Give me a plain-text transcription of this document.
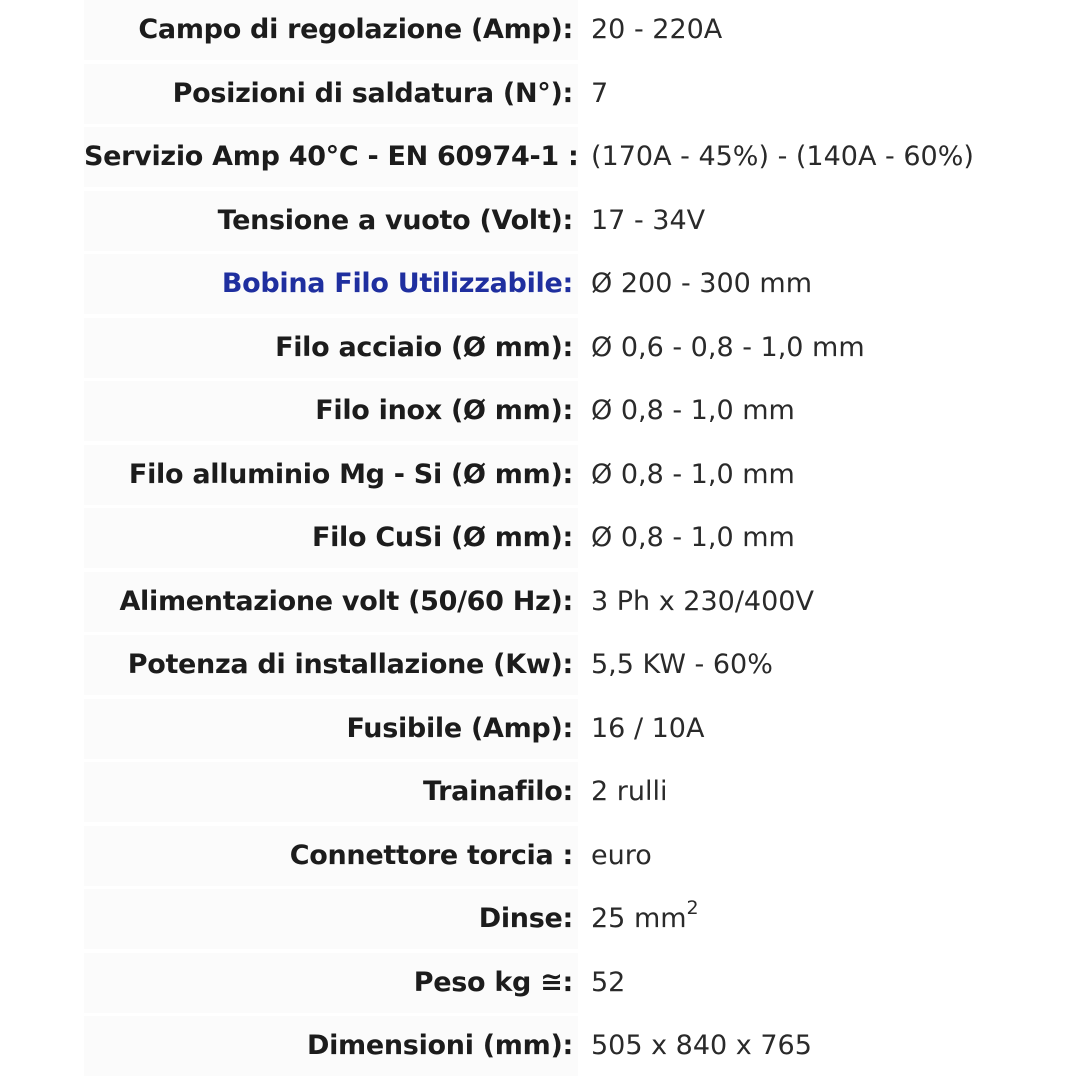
Campo di regolazione (Amp): 20 - 220A
Posizioni di saldatura (N°): 7
Servizio Amp 40°C - EN 60974-1 : (170A - 45%) - (140A - 60%)
Tensione a vuoto (Volt): 17 - 34V
Bobina Filo Utilizzabile: Ø 200 - 300 mm
Filo acciaio (Ø mm): Ø 0,6 - 0,8 - 1,0 mm
Filo inox (Ø mm): Ø 0,8 - 1,0 mm
Filo alluminio Mg - Si (Ø mm): Ø 0,8 - 1,0 mm
Filo CuSi (Ø mm): Ø 0,8 - 1,0 mm
Alimentazione volt (50/60 Hz): 3 Ph x 230/400V
Potenza di installazione (Kw): 5,5 KW - 60%
Fusibile (Amp): 16 / 10A
Trainafilo: 2 rulli
Connettore torcia : euro
Dinse: 25 $mm^2$
Peso kg ≅: 52
Dimensioni (mm): 505 x 840 x 765
